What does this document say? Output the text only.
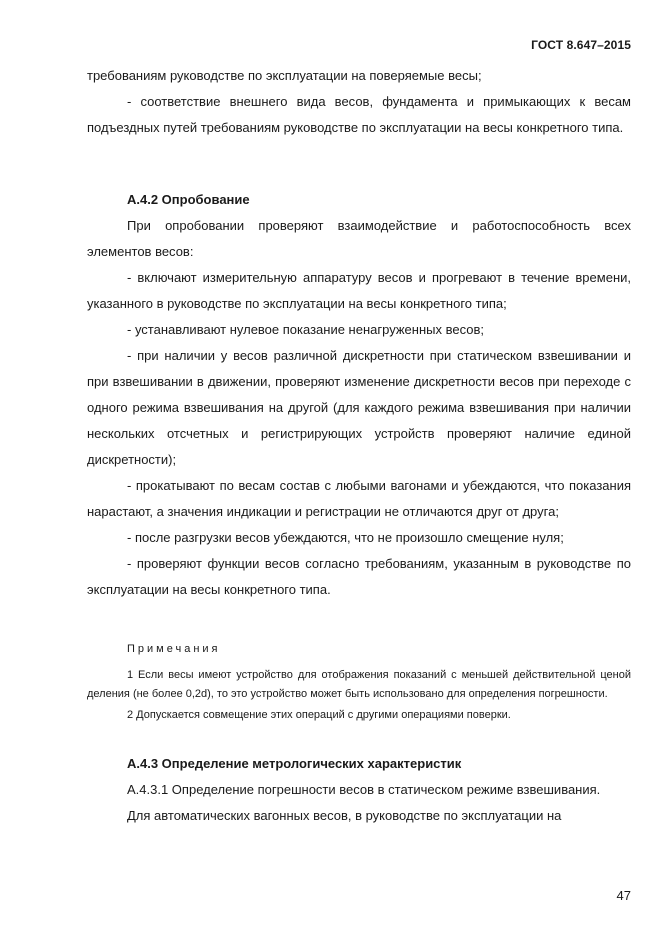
ГОСТ 8.647–2015

требованиям руководстве по эксплуатации на поверяемые весы;

- соответствие внешнего вида весов, фундамента и примыкающих к весам подъездных путей требованиям руководстве по эксплуатации на весы конкретного типа.

А.4.2 Опробование

При опробовании проверяют взаимодействие и работоспособность всех элементов весов:

- включают измерительную аппаратуру весов и прогревают в течение времени, указанного в руководстве по эксплуатации на весы конкретного типа;

- устанавливают нулевое показание ненагруженных весов;

- при наличии у весов различной дискретности при статическом взвешивании и при взвешивании в движении, проверяют изменение дискретности весов при переходе с одного режима взвешивания на другой (для каждого режима взвешивания при наличии нескольких отсчетных и регистрирующих устройств проверяют наличие единой дискретности);

- прокатывают по весам состав с любыми вагонами и убеждаются, что показания нарастают, а значения индикации и регистрации не отличаются друг от друга;

- после разгрузки весов убеждаются, что не произошло смещение нуля;

- проверяют функции весов согласно требованиям, указанным в руководстве по эксплуатации на весы конкретного типа.

Примечания

1 Если весы имеют устройство для отображения показаний с меньшей действительной ценой деления (не более 0,2d), то это устройство может быть использовано для определения погрешности.

2 Допускается совмещение этих операций с другими операциями поверки.

А.4.3 Определение метрологических характеристик

А.4.3.1 Определение погрешности весов в статическом режиме взвешивания.

Для автоматических вагонных весов, в руководстве по эксплуатации на

47
